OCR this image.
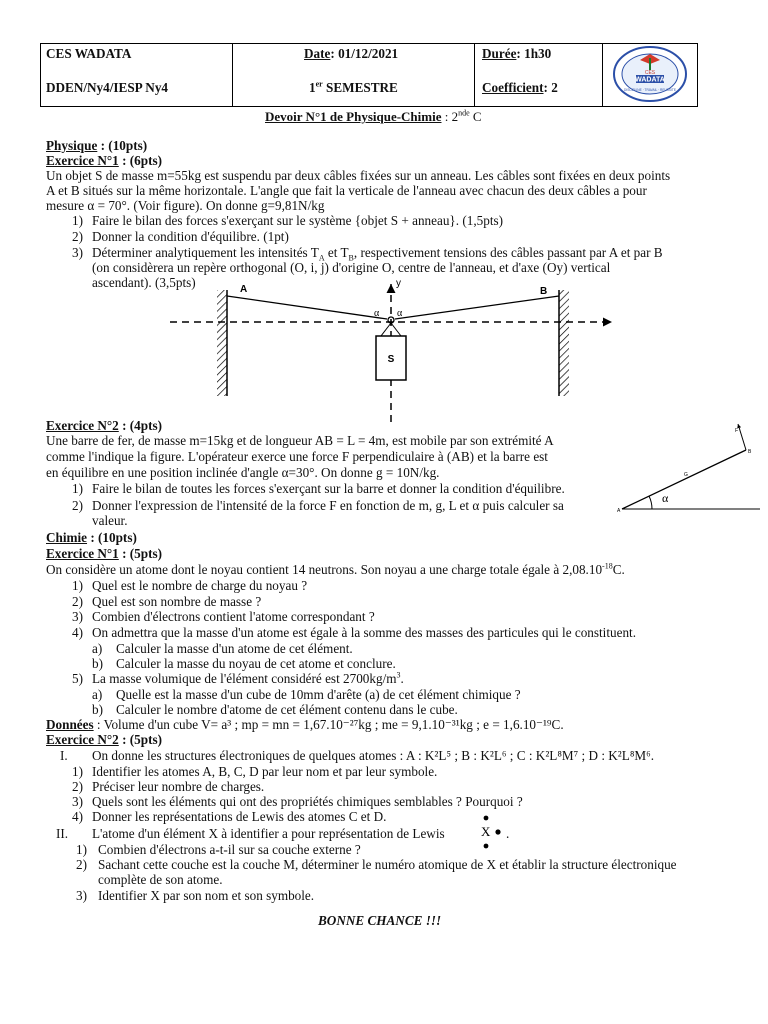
CES WADATA
DDEN/Ny4/IESP Ny4
Date: 01/12/2021
1er SEMESTRE
Durée: 1h30
Coefficient: 2
CES
WADATA
DISCIPLINE · TRAVAIL · REUSSITE
Devoir N°1 de Physique-Chimie : 2nde C
Physique : (10pts)
Exercice N°1 : (6pts)
Un objet S de masse m=55kg est suspendu par deux câbles fixées sur un anneau. Les câbles sont fixées en deux points
A et B situés sur la même horizontale. L'angle que fait la verticale de l'anneau avec chacun des deux câbles a pour
mesure α = 70°. (Voir figure). On donne g=9,81N/kg
1) Faire le bilan des forces s'exerçant sur le système {objet S + anneau}. (1,5pts)
2) Donner la condition d'équilibre. (1pt)
3) Déterminer analytiquement les intensités $T_A$ et $T_B$, respectivement tensions des câbles passant par A et par B
(on considèrera un repère orthogonal (O, i, j) d'origine O, centre de l'anneau, et d'axe (Oy) vertical
ascendant). (3,5pts)	A	B
y
α α
S
Exercice N°2 : (4pts)
Une barre de fer, de masse m=15kg et de longueur AB = L = 4m, est mobile par son extrémité A
comme l'indique la figure. L'opérateur exerce une force F perpendiculaire à (AB) et la barre est
en équilibre en une position inclinée d'angle α=30°. On donne g = 10N/kg.
1) Faire le bilan de toutes les forces s'exerçant sur la barre et donner la condition d'équilibre.
2) Donner l'expression de l'intensité de la force F en fonction de m, g, L et α puis calculer sa
valeur.
A
B
F
G
α
Chimie : (10pts)
Exercice N°1 : (5pts)
On considère un atome dont le noyau contient 14 neutrons. Son noyau a une charge totale égale à $2,08.10^{-18}C$.
1) Quel est le nombre de charge du noyau ?
2) Quel est son nombre de masse ?
3) Combien d'électrons contient l'atome correspondant ?
4) On admettra que la masse d'un atome est égale à la somme des masses des particules qui le constituent.
a) Calculer la masse d'un atome de cet élément.
b) Calculer la masse du noyau de cet atome et conclure.
5) La masse volumique de l'élément considéré est $2700kg/m^3$.
a) Quelle est la masse d'un cube de 10mm d'arête (a) de cet élément chimique ?
b) Calculer le nombre d'atome de cet élément contenu dans le cube.
Données : Volume d'un cube V= a³ ; mp = mn = 1,67.10⁻²⁷kg ; me = 9,1.10⁻³¹kg ; e = 1,6.10⁻¹⁹C.
Exercice N°2 : (5pts)
I. On donne les structures électroniques de quelques atomes : A : K²L⁵ ; B : K²L⁶ ; C : K²L⁸M⁷ ; D : K²L⁸M⁶.
1) Identifier les atomes A, B, C, D par leur nom et par leur symbole.
2) Préciser leur nombre de charges.
3) Quels sont les éléments qui ont des propriétés chimiques semblables ? Pourquoi ?
4) Donner les représentations de Lewis des atomes C et D.
II. L'atome d'un élément X à identifier a pour représentation de Lewis	X .
1) Combien d'électrons a-t-il sur sa couche externe ?
2) Sachant cette couche est la couche M, déterminer le numéro atomique de X et établir la structure électronique
complète de son atome.
3) Identifier X par son nom et son symbole.
BONNE CHANCE !!!
